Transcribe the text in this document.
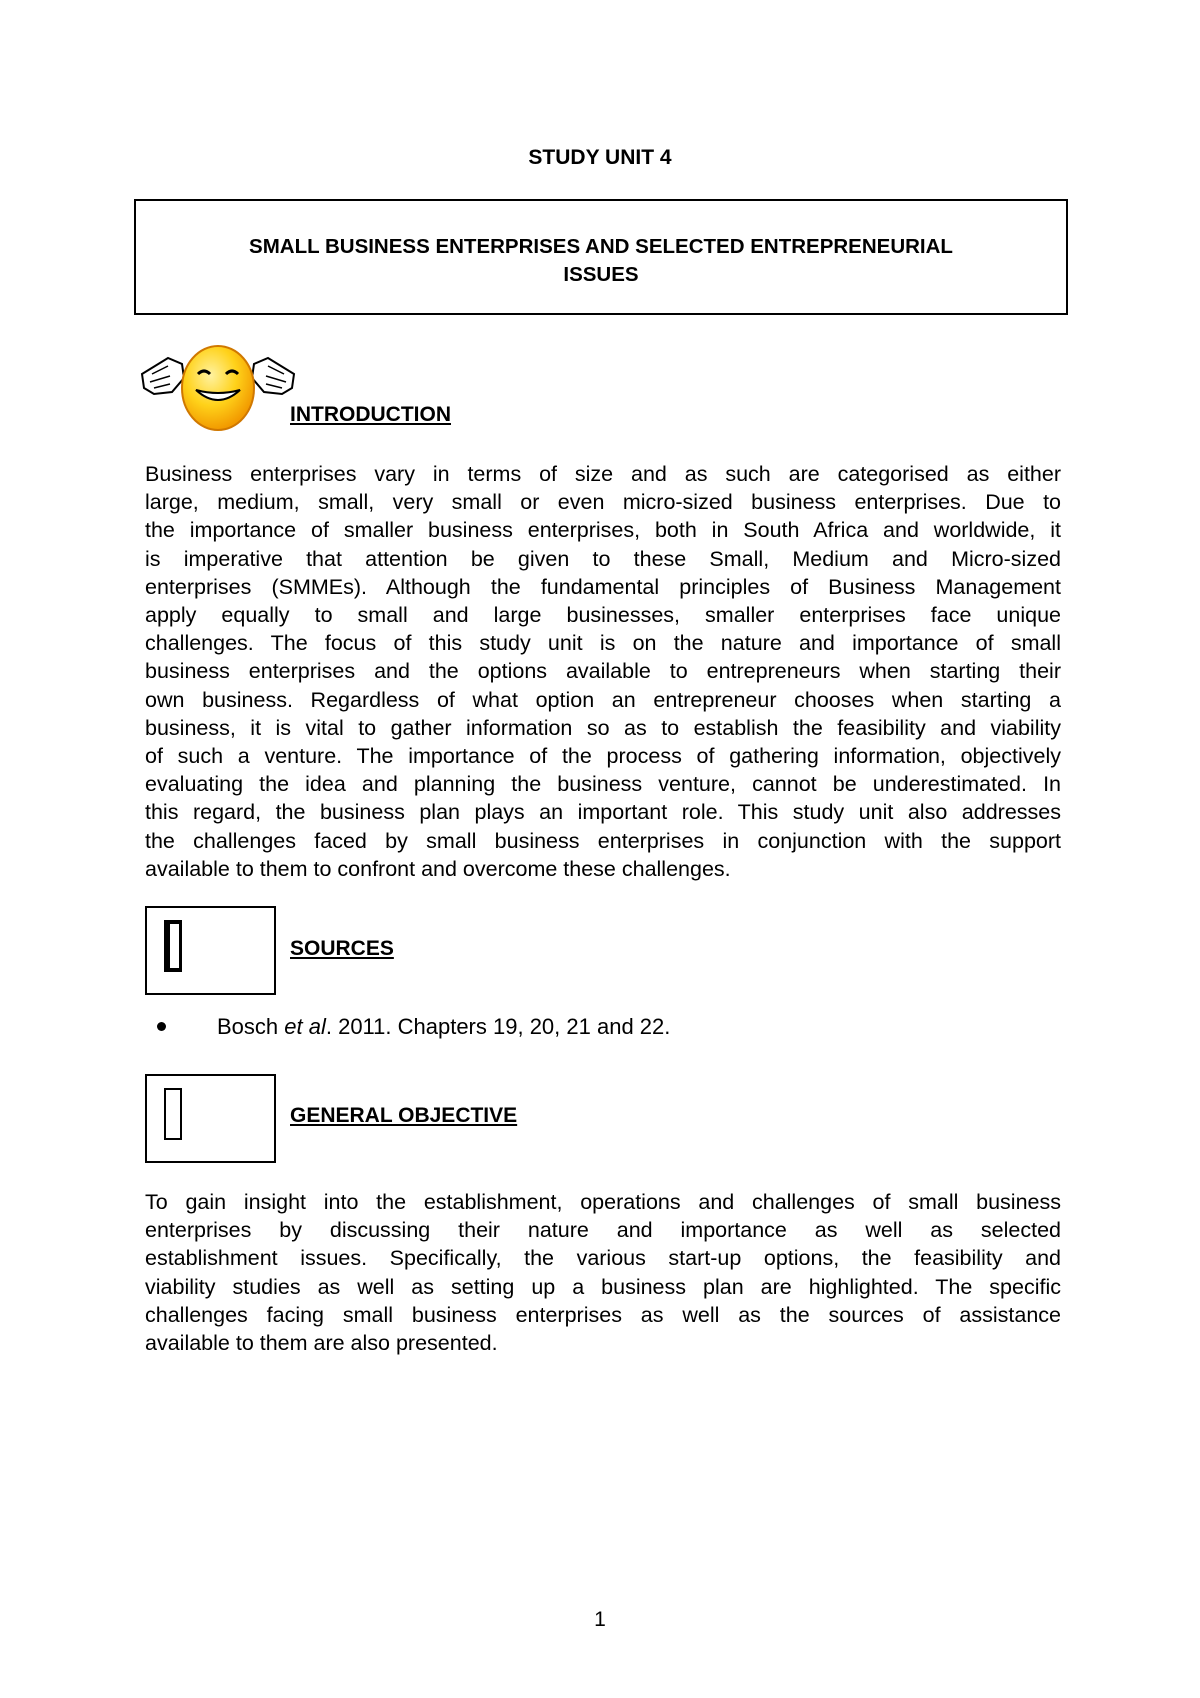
STUDY UNIT 4
SMALL BUSINESS ENTERPRISES AND SELECTED ENTREPRENEURIAL
ISSUES
INTRODUCTION
Business enterprises vary in terms of size and as such are categorised as either
large, medium, small, very small or even micro-sized business enterprises. Due to
the importance of smaller business enterprises, both in South Africa and worldwide, it
is imperative that attention be given to these Small, Medium and Micro-sized
enterprises (SMMEs). Although the fundamental principles of Business Management
apply equally to small and large businesses, smaller enterprises face unique
challenges. The focus of this study unit is on the nature and importance of small
business enterprises and the options available to entrepreneurs when starting their
own business. Regardless of what option an entrepreneur chooses when starting a
business, it is vital to gather information so as to establish the feasibility and viability
of such a venture. The importance of the process of gathering information, objectively
evaluating the idea and planning the business venture, cannot be underestimated. In
this regard, the business plan plays an important role. This study unit also addresses
the challenges faced by small business enterprises in conjunction with the support
available to them to confront and overcome these challenges.
SOURCES
Bosch et al. 2011. Chapters 19, 20, 21 and 22.
GENERAL OBJECTIVE
To gain insight into the establishment, operations and challenges of small business
enterprises by discussing their nature and importance as well as selected
establishment issues. Specifically, the various start-up options, the feasibility and
viability studies as well as setting up a business plan are highlighted. The specific
challenges facing small business enterprises as well as the sources of assistance
available to them are also presented.
1
